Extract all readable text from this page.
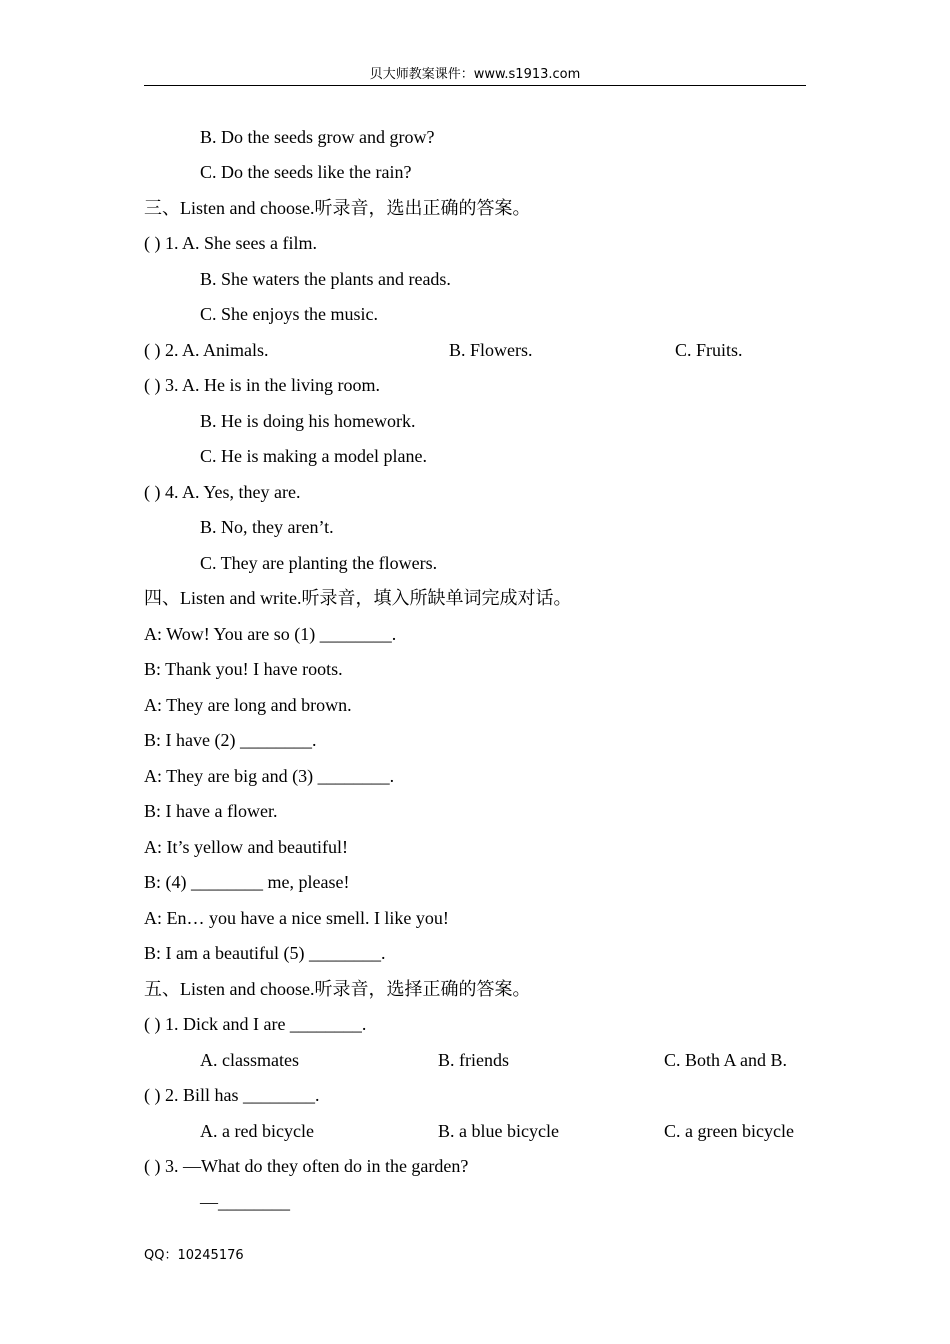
贝大师教案课件：www.s1913.com
B. Do the seeds grow and grow?
C. Do the seeds like the rain?
三、Listen and choose.听录音，选出正确的答案。
( ) 1. A. She sees a film.
B. She waters the plants and reads.
C. She enjoys the music.
( ) 2. A. Animals.	B. Flowers.	C. Fruits.
( ) 3. A. He is in the living room.
B. He is doing his homework.
C. He is making a model plane.
( ) 4. A. Yes, they are.
B. No, they aren’t.
C. They are planting the flowers.
四、Listen and write.听录音，填入所缺单词完成对话。
A: Wow! You are so (1) ________.
B: Thank you! I have roots.
A: They are long and brown.
B: I have (2) ________.
A: They are big and (3) ________.
B: I have a flower.
A: It’s yellow and beautiful!
B: (4) ________ me, please!
A: En… you have a nice smell. I like you!
B: I am a beautiful (5) ________.
五、Listen and choose.听录音，选择正确的答案。
( ) 1. Dick and I are ________.
A. classmates	B. friends	C. Both A and B.
( ) 2. Bill has ________.
A. a red bicycle	B. a blue bicycle	C. a green bicycle
( ) 3. —What do they often do in the garden?
—________
QQ：10245176
